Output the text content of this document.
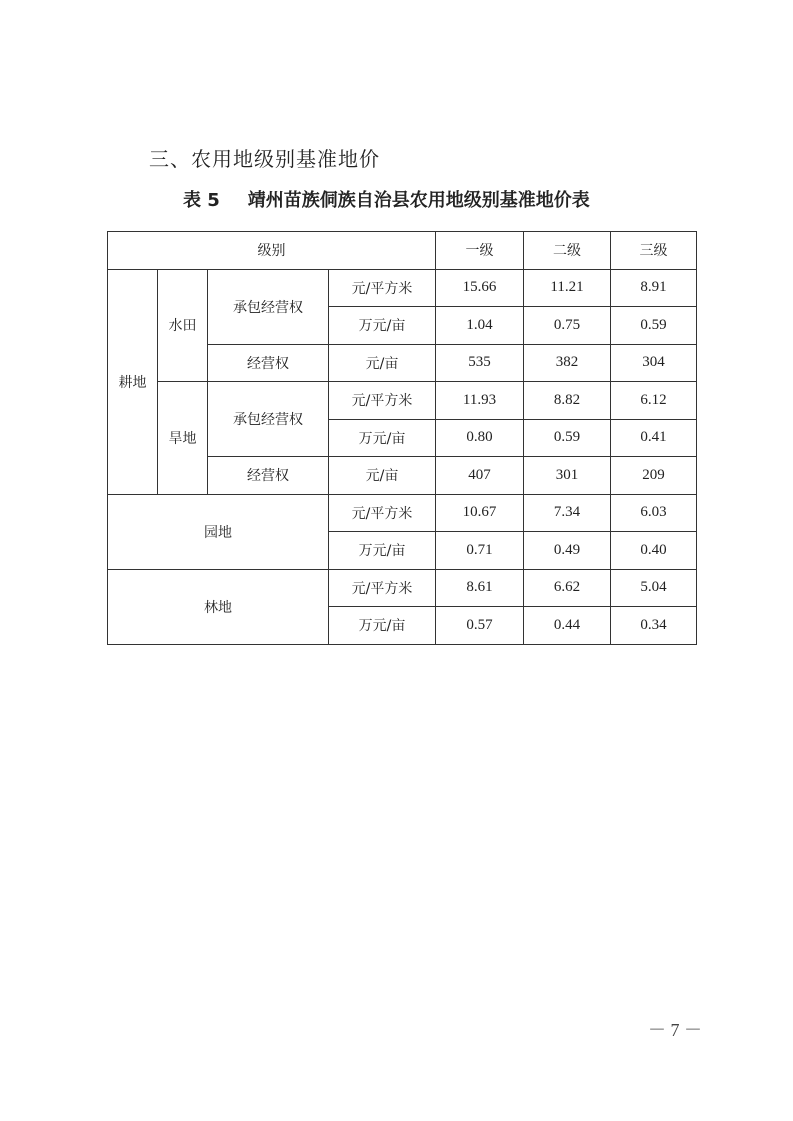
三、农用地级别基准地价
表 5 靖州苗族侗族自治县农用地级别基准地价表
级别				一级	二级	三级
耕地	水田	承包经营权	元/平方米	15.66	11.21	8.91
			万元/亩	1.04	0.75	0.59
		经营权	元/亩	535	382	304
	旱地	承包经营权	元/平方米	11.93	8.82	6.12
			万元/亩	0.80	0.59	0.41
		经营权	元/亩	407	301	209
园地			元/平方米	10.67	7.34	6.03
			万元/亩	0.71	0.49	0.40
林地			元/平方米	8.61	6.62	5.04
			万元/亩	0.57	0.44	0.34
－ 7 －
